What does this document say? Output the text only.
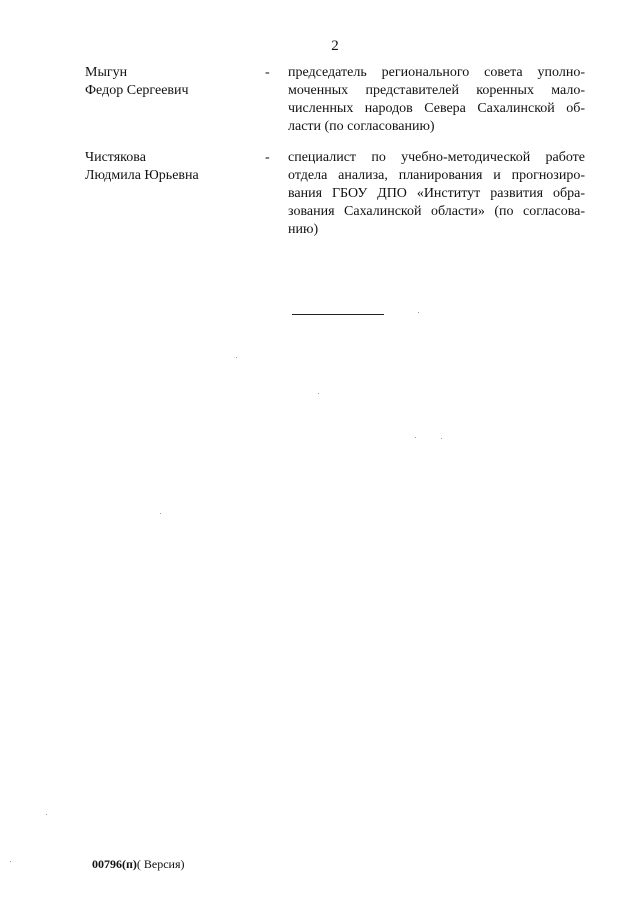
2
Мыгун
Федор Сергеевич
-	председатель регионального совета уполно-
моченных представителей коренных мало-
численных народов Севера Сахалинской об-
ласти (по согласованию)
Чистякова
Людмила Юрьевна
-	специалист по учебно-методической работе
отдела анализа, планирования и прогнозиро-
вания ГБОУ ДПО «Институт развития обра-
зования Сахалинской области» (по согласова-
нию)
00796(п)( Версия)
